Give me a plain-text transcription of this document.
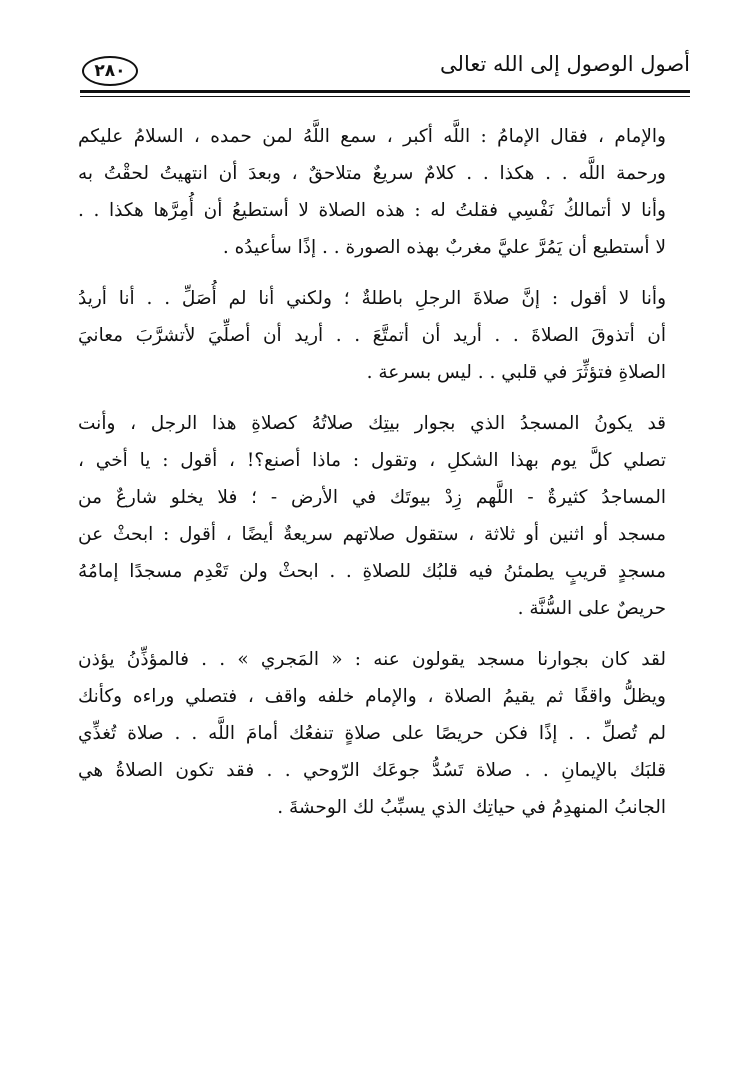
٢٨٠	أصول الوصول إلى الله تعالى

والإمام ، فقال الإمامُ : اللَّه أكبر ، سمع اللَّهُ لمن حمده ، السلامُ عليكم
ورحمة اللَّه . . هكذا . . كلامٌ سريعٌ متلاحقٌ ، وبعدَ أن انتهيتُ لحقْتُ به
وأنا لا أتمالكُ نَفْسِي فقلتُ له : هذه الصلاة لا أستطيعُ أن أُمِرَّها هكذا . .
لا أستطيع أن يَمُرَّ عليَّ مغربٌ بهذه الصورة . . إذًا سأعيدُه .

وأنا لا أقول : إنَّ صلاةَ الرجلِ باطلةٌ ؛ ولكني أنا لم أُصَلِّ . . أنا أريدُ
أن أتذوقَ الصلاةَ . . أريد أن أتمتَّعَ . . أريد أن أصلِّيَ لأتشرَّبَ معانيَ
الصلاةِ فتؤثِّرَ في قلبي . . ليس بسرعة .

قد يكونُ المسجدُ الذي بجوار بيتِك صلاتُهُ كصلاةِ هذا الرجل ، وأنت
تصلي كلَّ يوم بهذا الشكلِ ، وتقول : ماذا أصنع؟! ، أقول : يا أخي ،
المساجدُ كثيرةٌ - اللَّهم زِدْ بيوتَك في الأرض - ؛ فلا يخلو شارعٌ من
مسجد أو اثنين أو ثلاثة ، ستقول صلاتهم سريعةٌ أيضًا ، أقول : ابحثْ عن
مسجدٍ قريبٍ يطمئنُ فيه قلبُك للصلاةِ . . ابحثْ ولن تَعْدِم مسجدًا إمامُهُ
حريصٌ على السُّنَّة .

لقد كان بجوارنا مسجد يقولون عنه : « المَجري » . . فالمؤذِّنُ يؤذن
ويظلُّ واقفًا ثم يقيمُ الصلاة ، والإمام خلفه واقف ، فتصلي وراءه وكأنك
لم تُصلِّ . . إذًا فكن حريصًا على صلاةٍ تنفعُك أمامَ اللَّه . . صلاة تُغذِّي
قلبَك بالإيمانِ . . صلاة تَسُدُّ جوعَك الرّوحي . . فقد تكون الصلاةُ هي
الجانبُ المنهدِمُ في حياتِك الذي يسبِّبُ لك الوحشةَ .
